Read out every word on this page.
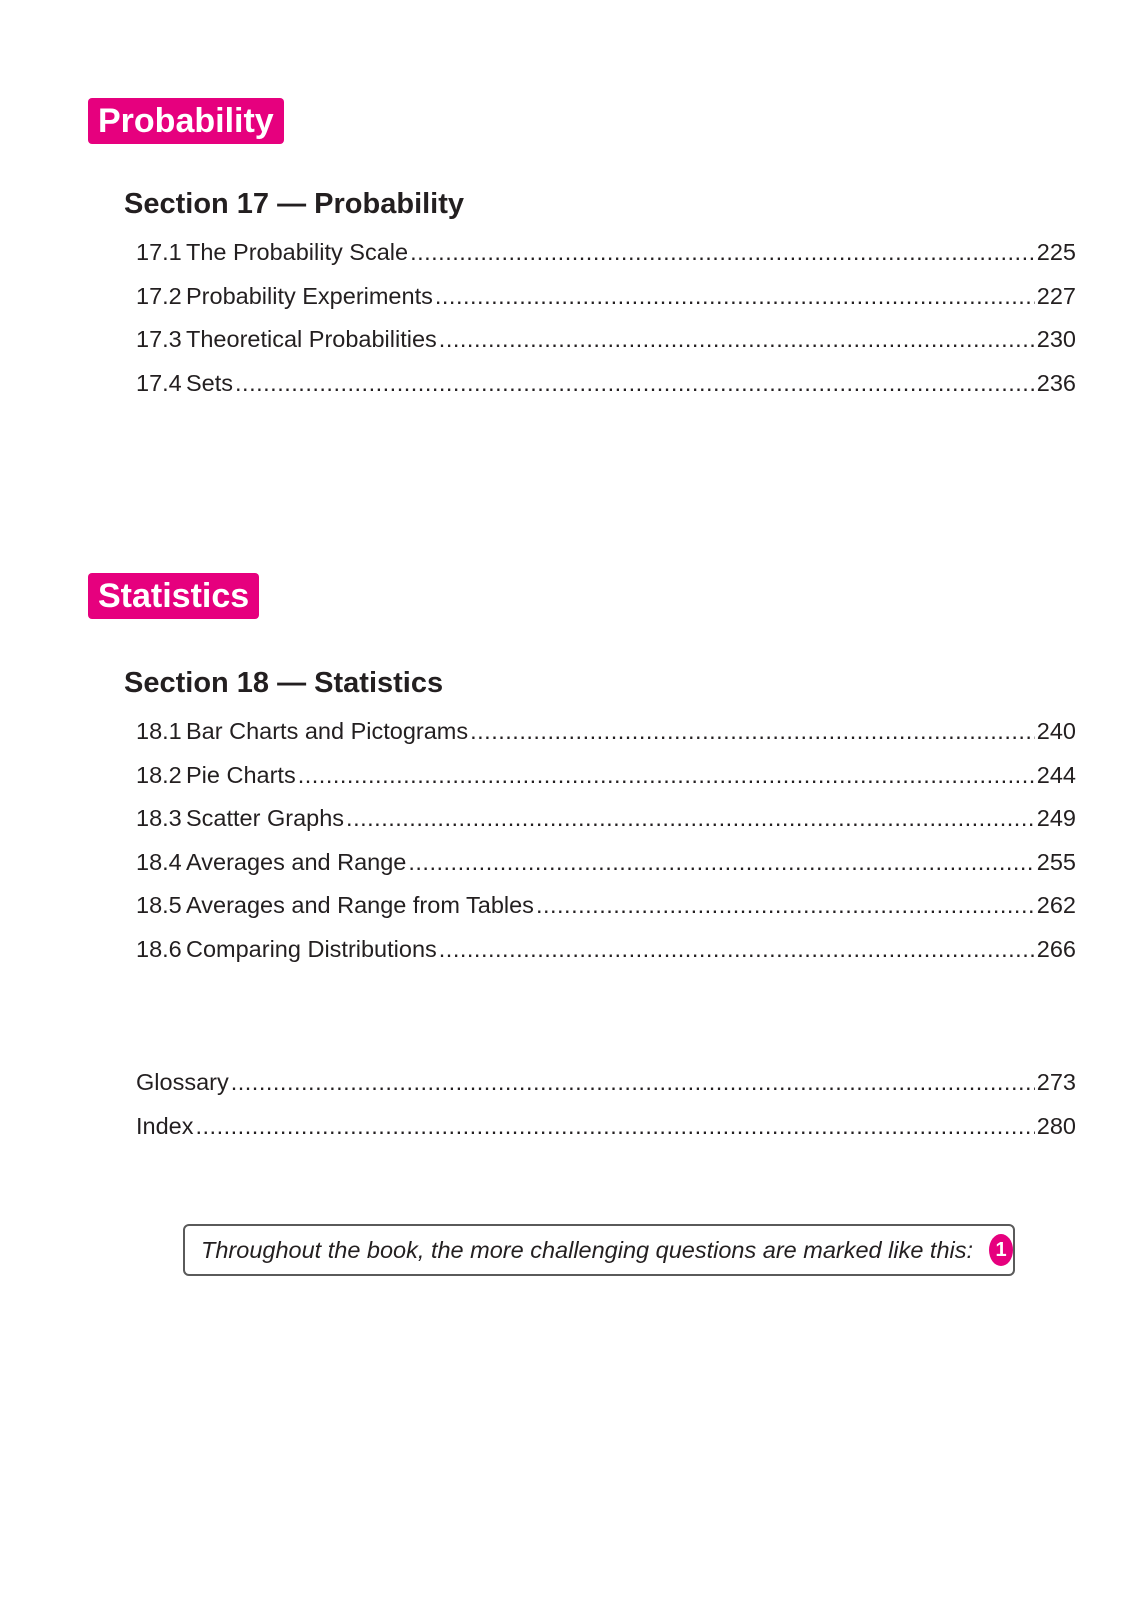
Probability
Section 17 — Probability
17.1 The Probability Scale .....	225
17.2 Probability Experiments .....	227
17.3 Theoretical Probabilities .....	230
17.4 Sets .....	236
Statistics
Section 18 — Statistics
18.1 Bar Charts and Pictograms .....	240
18.2 Pie Charts .....	244
18.3 Scatter Graphs .....	249
18.4 Averages and Range .....	255
18.5 Averages and Range from Tables .....	262
18.6 Comparing Distributions .....	266
Glossary .....	273
Index .....	280
Throughout the book, the more challenging questions are marked like this:	1
